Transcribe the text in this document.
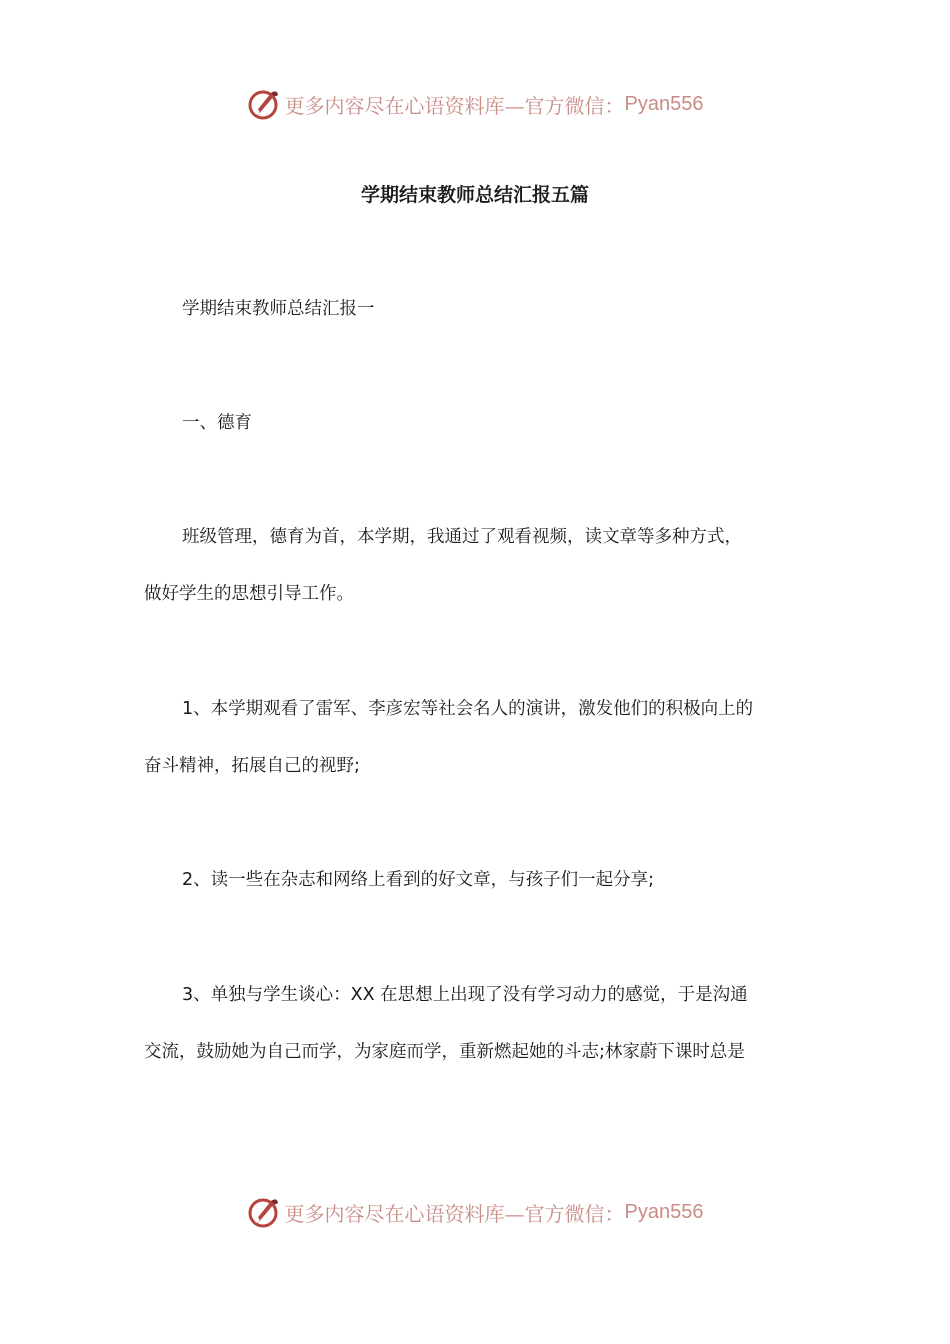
更多内容尽在心语资料库—官方微信： Pyan556
学期结束教师总结汇报五篇
学期结束教师总结汇报一
一、德育
班级管理，德育为首，本学期，我通过了观看视频，读文章等多种方式，
做好学生的思想引导工作。
1、本学期观看了雷军、李彦宏等社会名人的演讲，激发他们的积极向上的
奋斗精神，拓展自己的视野;
2、读一些在杂志和网络上看到的好文章，与孩子们一起分享;
3、单独与学生谈心：XX 在思想上出现了没有学习动力的感觉，于是沟通
交流，鼓励她为自己而学，为家庭而学，重新燃起她的斗志;林家蔚下课时总是
更多内容尽在心语资料库—官方微信： Pyan556
